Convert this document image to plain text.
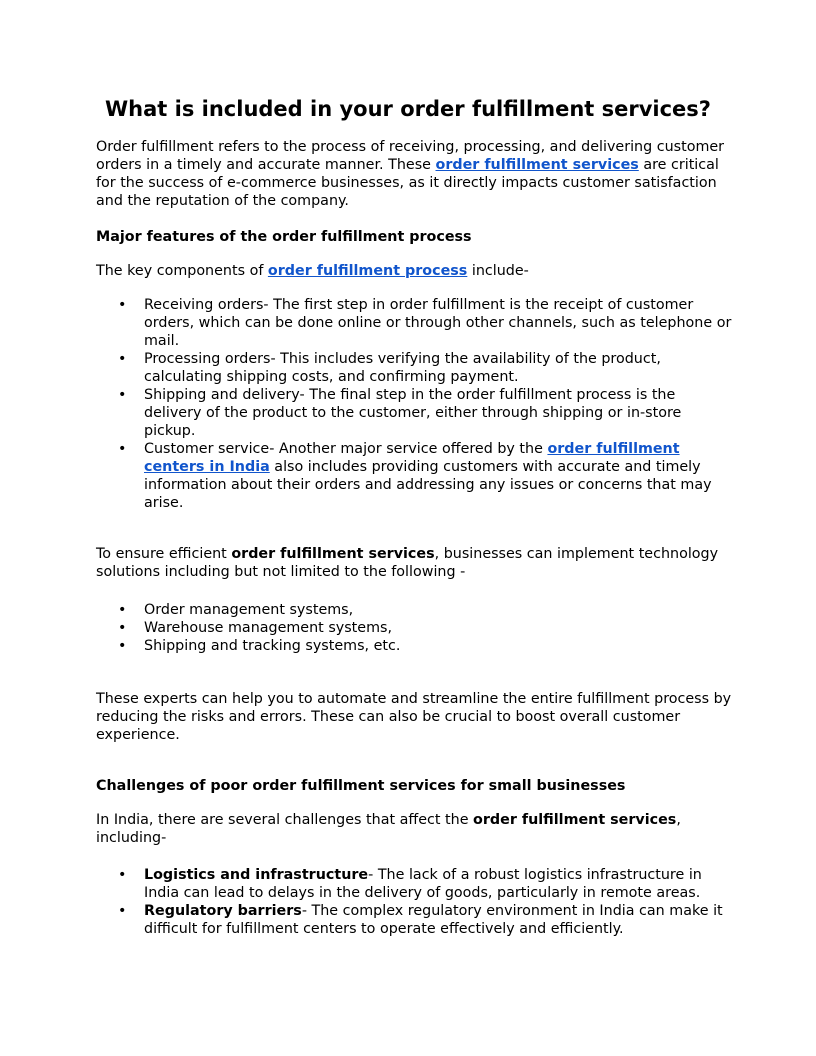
What is included in your order fulfillment services?

Order fulfillment refers to the process of receiving, processing, and delivering customer orders in a timely and accurate manner. These order fulfillment services are critical for the success of e-commerce businesses, as it directly impacts customer satisfaction and the reputation of the company.

Major features of the order fulfillment process

The key components of order fulfillment process include-

• Receiving orders- The first step in order fulfillment is the receipt of customer orders, which can be done online or through other channels, such as telephone or mail.
• Processing orders- This includes verifying the availability of the product, calculating shipping costs, and confirming payment.
• Shipping and delivery- The final step in the order fulfillment process is the delivery of the product to the customer, either through shipping or in-store pickup.
• Customer service- Another major service offered by the order fulfillment centers in India also includes providing customers with accurate and timely information about their orders and addressing any issues or concerns that may arise.

To ensure efficient order fulfillment services, businesses can implement technology solutions including but not limited to the following -

• Order management systems,
• Warehouse management systems,
• Shipping and tracking systems, etc.

These experts can help you to automate and streamline the entire fulfillment process by reducing the risks and errors. These can also be crucial to boost overall customer experience.

Challenges of poor order fulfillment services for small businesses

In India, there are several challenges that affect the order fulfillment services, including-

• Logistics and infrastructure- The lack of a robust logistics infrastructure in India can lead to delays in the delivery of goods, particularly in remote areas.
• Regulatory barriers- The complex regulatory environment in India can make it difficult for fulfillment centers to operate effectively and efficiently.
